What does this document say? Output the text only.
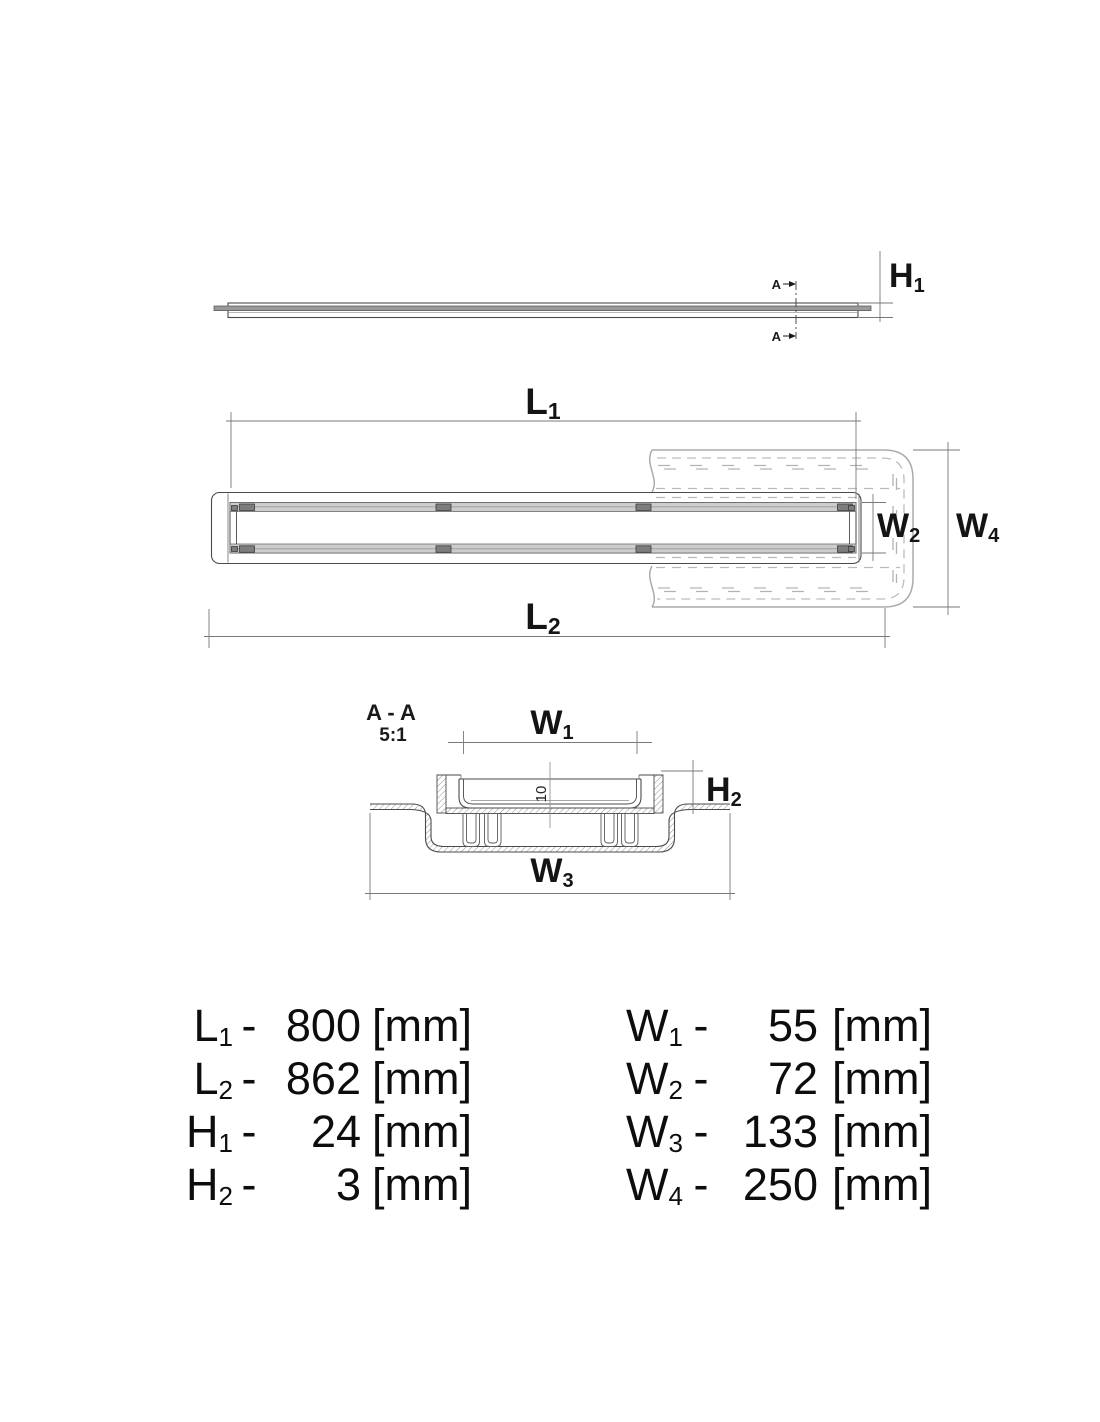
A
A
H1
L1
L2
W2 W4
A - A
5:1	W1
10	H2
W3
L1 - 800 [mm]
L2 - 862 [mm]
H1 -	24 [mm]
H2 -	3 [mm]
W1 -	55 [mm]
W2 -	72 [mm]
W3 - 133 [mm]
W4 - 250 [mm]
